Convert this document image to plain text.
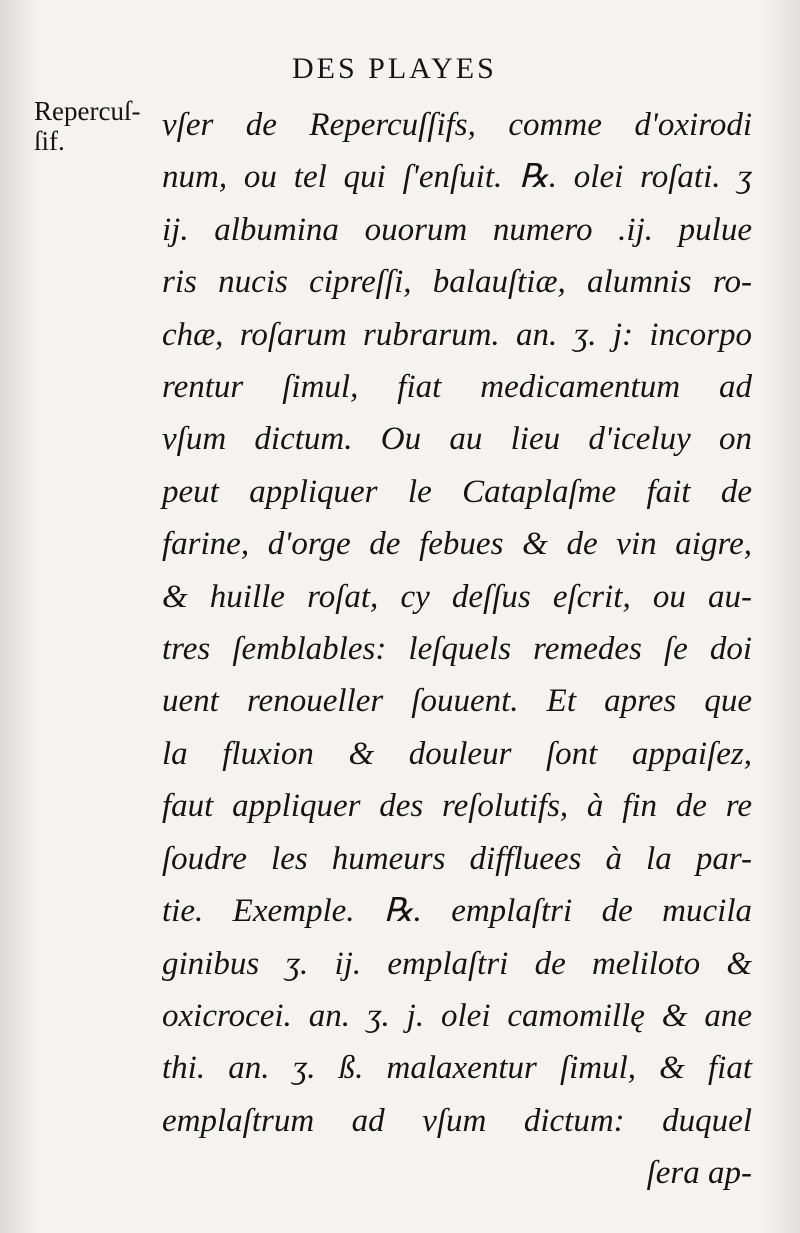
DES PLAYES
Repercuſ-
ſif.	vſer de Repercuſſifs, comme d'oxirodi
num, ou tel qui ſ'enſuit. ℞. olei roſati. ʒ
ij. albumina ouorum numero .ij. pulue
ris nucis cipreſſi, balauſtiæ, alumnis ro-
chæ, roſarum rubrarum. an. ʒ. j: incorpo
rentur ſimul, fiat medicamentum ad
vſum dictum. Ou au lieu d'iceluy on
peut appliquer le Cataplaſme fait de
farine, d'orge de febues & de vin aigre,
& huille roſat, cy deſſus eſcrit, ou au-
tres ſemblables: leſquels remedes ſe doi
uent renoueller ſouuent. Et apres que
la fluxion & douleur ſont appaiſez,
faut appliquer des reſolutifs, à fin de re
ſoudre les humeurs diffluees à la par-
tie. Exemple. ℞. emplaſtri de mucila
ginibus ʒ. ij. emplaſtri de meliloto &
oxicrocei. an. ʒ. j. olei camomillę & ane
thi. an. ʒ. ß. malaxentur ſimul, & fiat
emplaſtrum ad vſum dictum: duquel
ſera ap-
